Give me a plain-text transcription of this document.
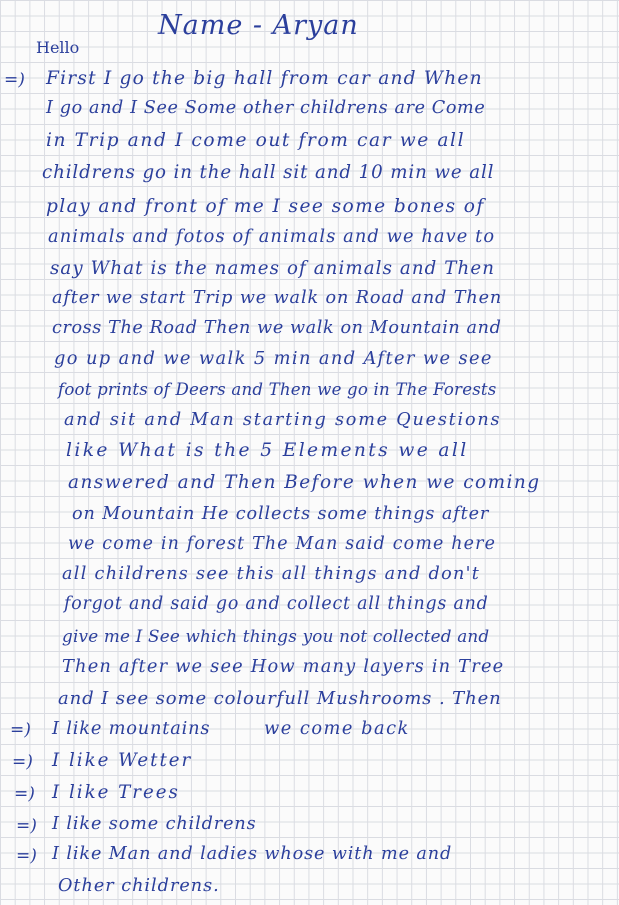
Name - Aryan
Hello
=) First I go the big hall from car and When
I go and I See Some other childrens are Come
in Trip and I come out from car we all
childrens go in the hall sit and 10 min we all
play and front of me I see some bones of
animals and fotos of animals and we have to
say What is the names of animals and Then
after we start Trip we walk on Road and Then
cross The Road Then we walk on Mountain and
go up and we walk 5 min and After we see
foot prints of Deers and Then we go in The Forests
and sit and Man starting some Questions
like What is the 5 Elements we all
answered and Then Before when we coming
on Mountain He collects some things after
we come in forest The Man said come here
all childrens see this all things and don't
forgot and said go and collect all things and
give me I See which things you not collected and
Then after we see How many layers in Tree
and I see some colourfull Mushrooms . Then
=) I like mountains	we come back
=) I like Wetter
=) I like Trees
=) I like some childrens
=) I like Man and ladies whose with me and
Other childrens.
